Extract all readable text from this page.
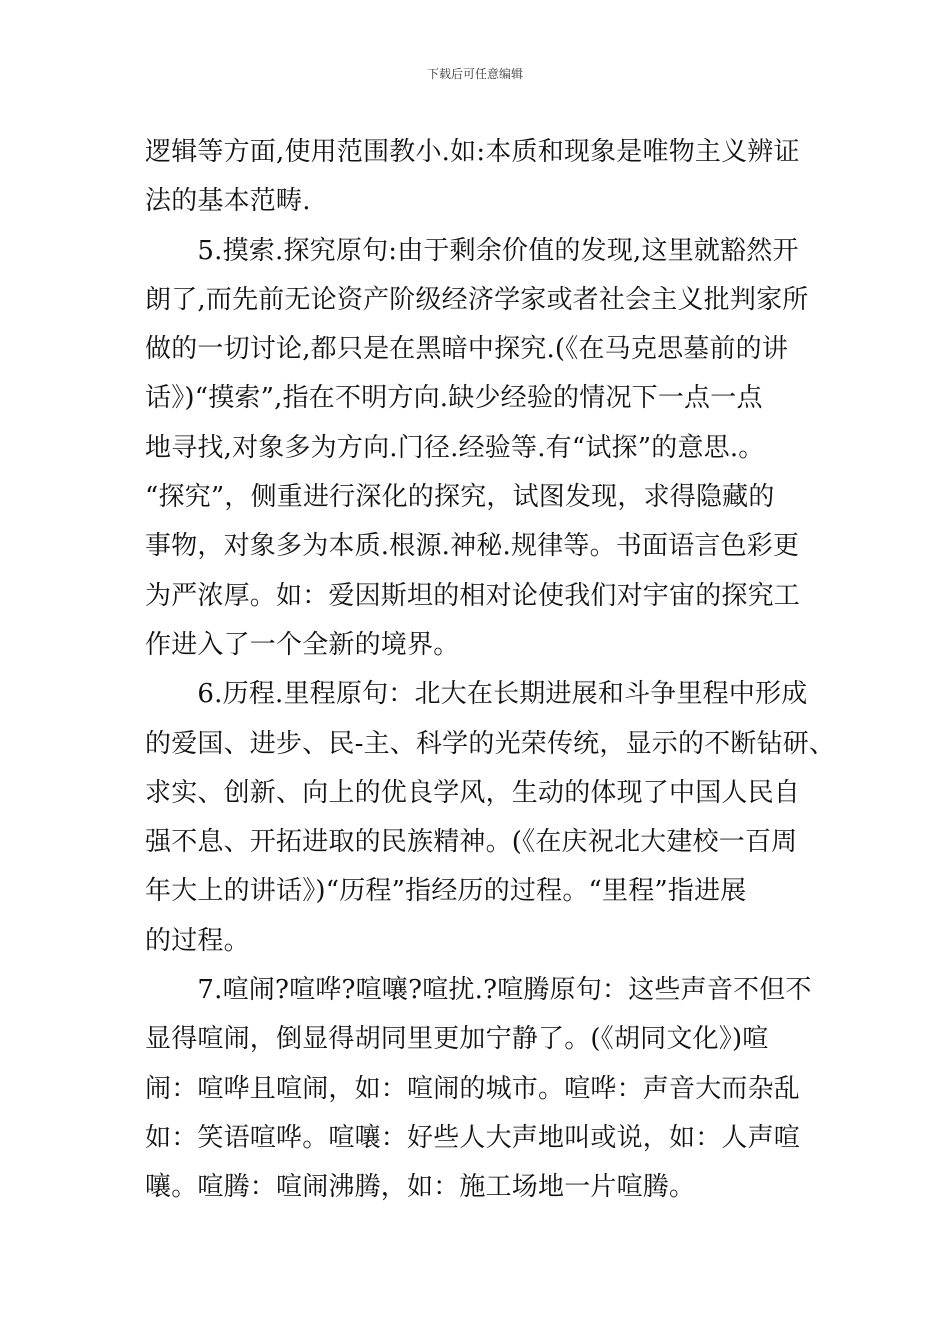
下载后可任意编辑
逻辑等方面,使用范围教小.如:本质和现象是唯物主义辨证
法的基本范畴.
　　5.摸索.探究原句:由于剩余价值的发现,这里就豁然开
朗了,而先前无论资产阶级经济学家或者社会主义批判家所
做的一切讨论,都只是在黑暗中探究.(《在马克思墓前的讲
话》)“摸索”,指在不明方向.缺少经验的情况下一点一点
地寻找,对象多为方向.门径.经验等.有“试探”的意思.。
“探究”，侧重进行深化的探究，试图发现，求得隐藏的
事物，对象多为本质.根源.神秘.规律等。书面语言色彩更
为严浓厚。如：爱因斯坦的相对论使我们对宇宙的探究工
作进入了一个全新的境界。
　　6.历程.里程原句：北大在长期进展和斗争里程中形成
的爱国、进步、民-主、科学的光荣传统，显示的不断钻研、
求实、创新、向上的优良学风，生动的体现了中国人民自
强不息、开拓进取的民族精神。(《在庆祝北大建校一百周
年大上的讲话》)“历程”指经历的过程。“里程”指进展
的过程。
　　7.喧闹?喧哗?喧嚷?喧扰.?喧腾原句：这些声音不但不
显得喧闹，倒显得胡同里更加宁静了。(《胡同文化》)喧
闹：喧哗且喧闹，如：喧闹的城市。喧哗：声音大而杂乱
如：笑语喧哗。喧嚷：好些人大声地叫或说，如：人声喧
嚷。喧腾：喧闹沸腾，如：施工场地一片喧腾。
